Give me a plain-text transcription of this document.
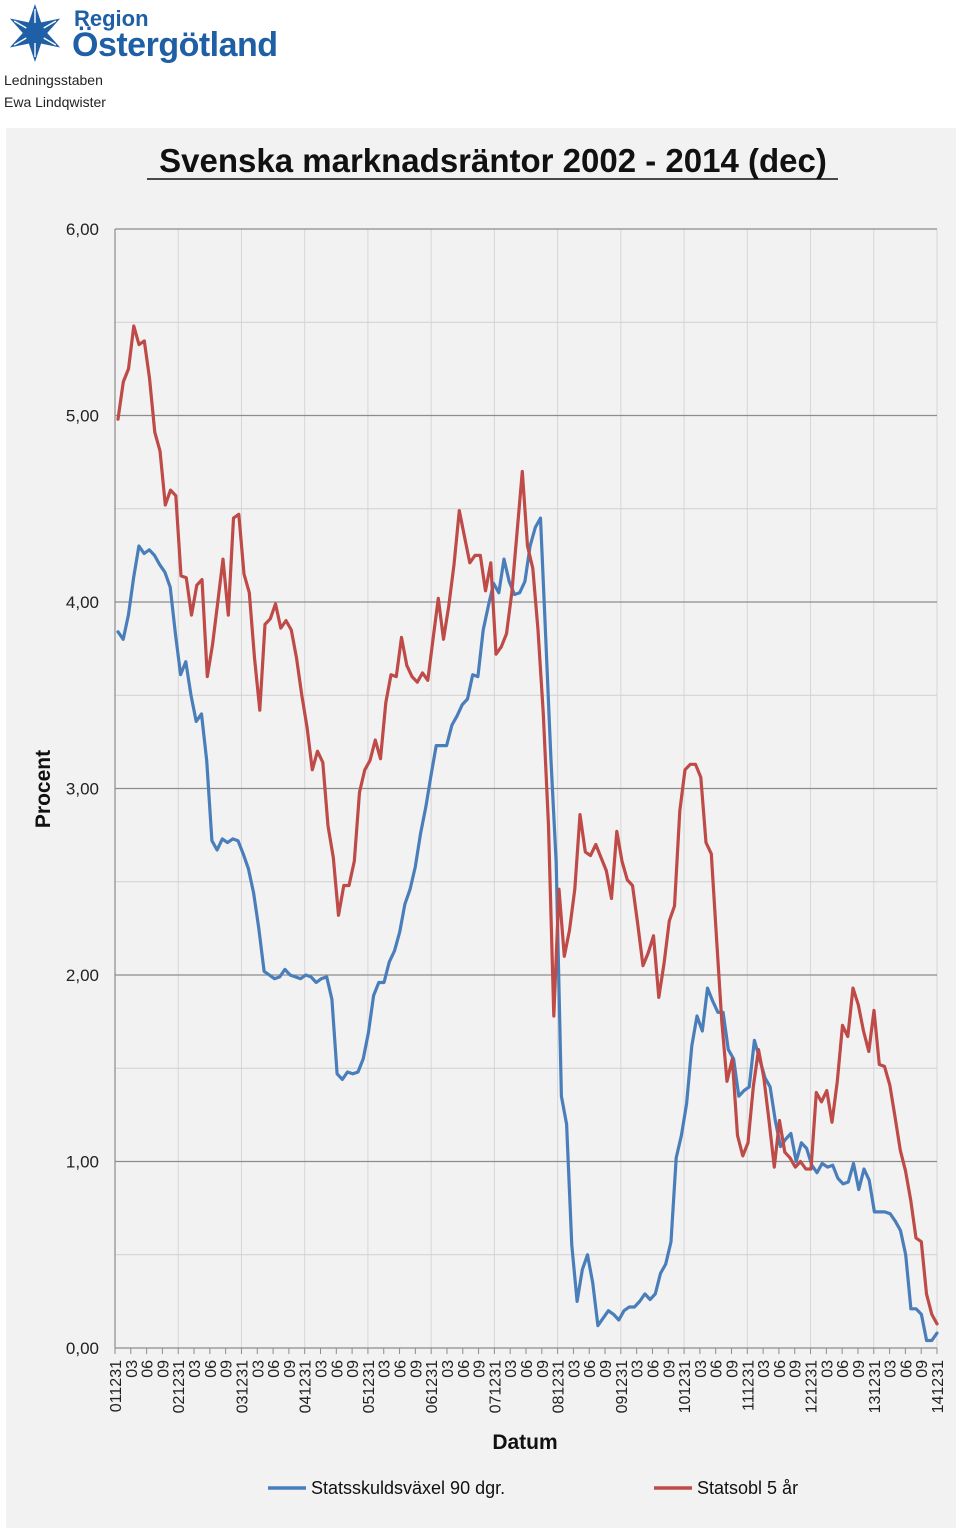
Region
Östergötland
Ledningsstaben
Ewa Lindqwister
Svenska marknadsräntor 2002 - 2014 (dec)
0,00
1,00
2,00
3,00
4,00
5,00
6,00
011231
03
06
09
021231
03
06
09
031231
03
06
09
041231
03
06
09
051231
03
06
09
061231
03
06
09
071231
03
06
09
081231
03
06
09
091231
03
06
09
101231
03
06
09
111231
03
06
09
121231
03
06
09
131231
03
06
09
141231
Procent
Datum
Statsskuldsväxel 90 dgr.	Statsobl 5 år
